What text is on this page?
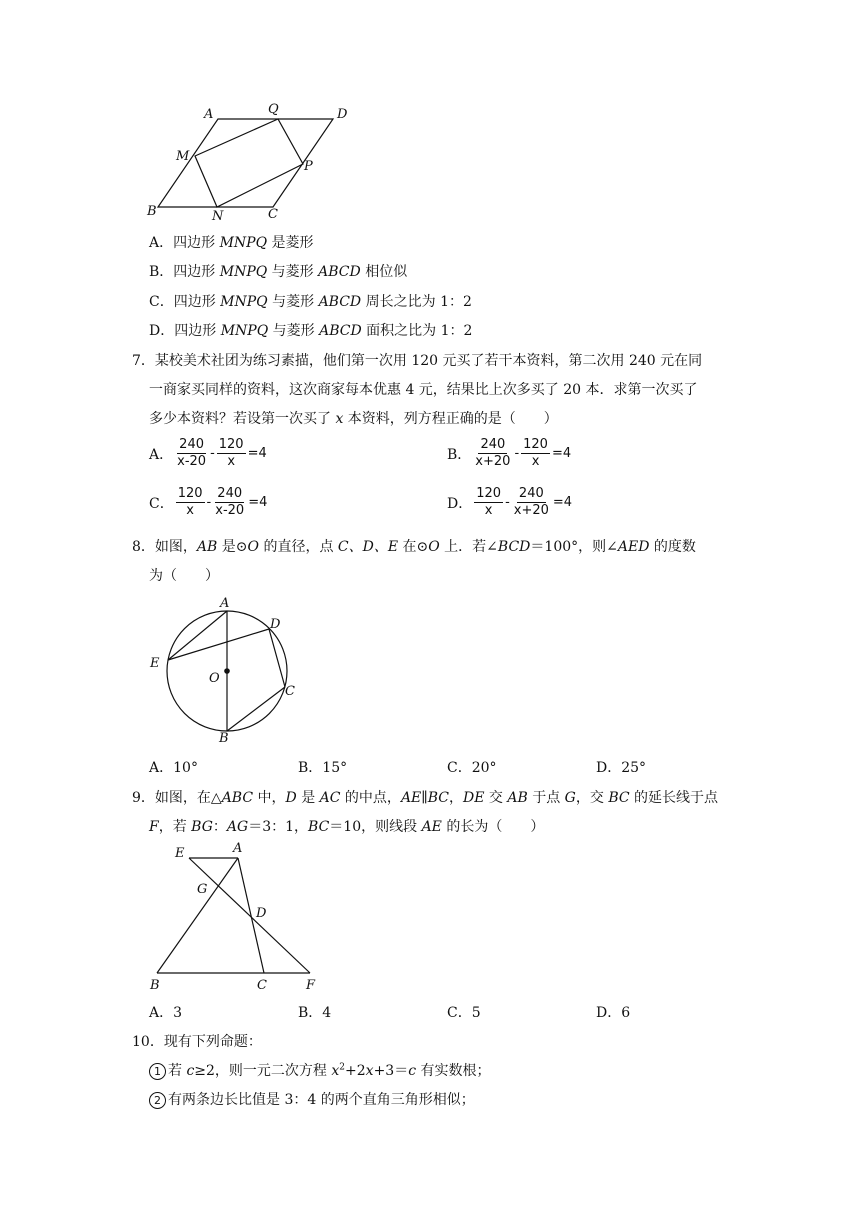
A	Q	D
M
P
B	N	C
A．四边形 MNPQ 是菱形
B．四边形 MNPQ 与菱形 ABCD 相位似
C．四边形 MNPQ 与菱形 ABCD 周长之比为 1：2
D．四边形 MNPQ 与菱形 ABCD 面积之比为 1：2
7．某校美术社团为练习素描，他们第一次用 120 元买了若干本资料，第二次用 240 元在同
一商家买同样的资料，这次商家每本优惠 4 元，结果比上次多买了 20 本．求第一次买了
多少本资料？若设第一次买了 x 本资料，列方程正确的是（　　）
A． $\frac{240}{x-20} - \frac{120}{x} =4$	B． $\frac{240}{x+20} - \frac{120}{x} =4$
C． $\frac{120}{x} - \frac{240}{x-20} =4$	D． $\frac{120}{x} - \frac{240}{x+20} =4$
8．如图，AB 是⊙O 的直径，点 C、D、E 在⊙O 上．若∠BCD＝100°，则∠AED 的度数
为（　　）
A
D
E
O
C
B
A．10°	B．15°	C．20°	D．25°
9．如图，在△ABC 中，D 是 AC 的中点，AE∥BC，DE 交 AB 于点 G，交 BC 的延长线于点
F，若 BG：AG＝3：1，BC＝10，则线段 AE 的长为（　　）
E	A
G
D
B	C	F
A．3	B．4	C．5	D．6
10．现有下列命题：
1 若 c≥2，则一元二次方程 $x^2+2x+3=c$ 有实数根；
2 有两条边长比值是 3：4 的两个直角三角形相似；
